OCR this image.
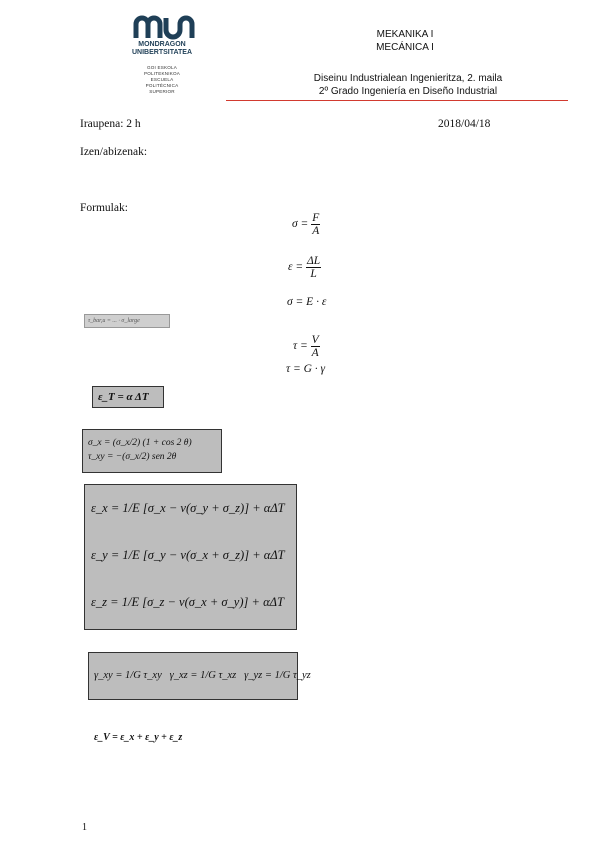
MONDRAGON
UNIBERTSITATEA
GOI ESKOLA
POLITEKNIKOA
ESCUELA
POLITÉCNICA
SUPERIOR
MEKANIKA I
MECÁNICA I
Diseinu Industrialean Ingenieritza, 2. maila
2º Grado Ingeniería en Diseño Industrial
Iraupena: 2 h	2018/04/18
Izen/abizenak:
Formulak:
$\sigma = \frac{F}{A}$
$\varepsilon = \frac{\Delta L}{L}$
σ = E · ε
τ_bar,u = ... · σ_large
$\tau = \frac{V}{A}$
τ = G · γ
ε_T = α ΔT
σ_x = (σ_x/2) (1 + cos 2 θ)
τ_xy = −(σ_x/2) sen 2θ
ε_x = 1/E [σ_x − ν(σ_y + σ_z)] + αΔT
ε_y = 1/E [σ_y − ν(σ_x + σ_z)] + αΔT
ε_z = 1/E [σ_z − ν(σ_x + σ_y)] + αΔT
γ_xy = 1/G τ_xy γ_xz = 1/G τ_xz γ_yz = 1/G τ_yz
ε_V = ε_x + ε_y + ε_z
1
